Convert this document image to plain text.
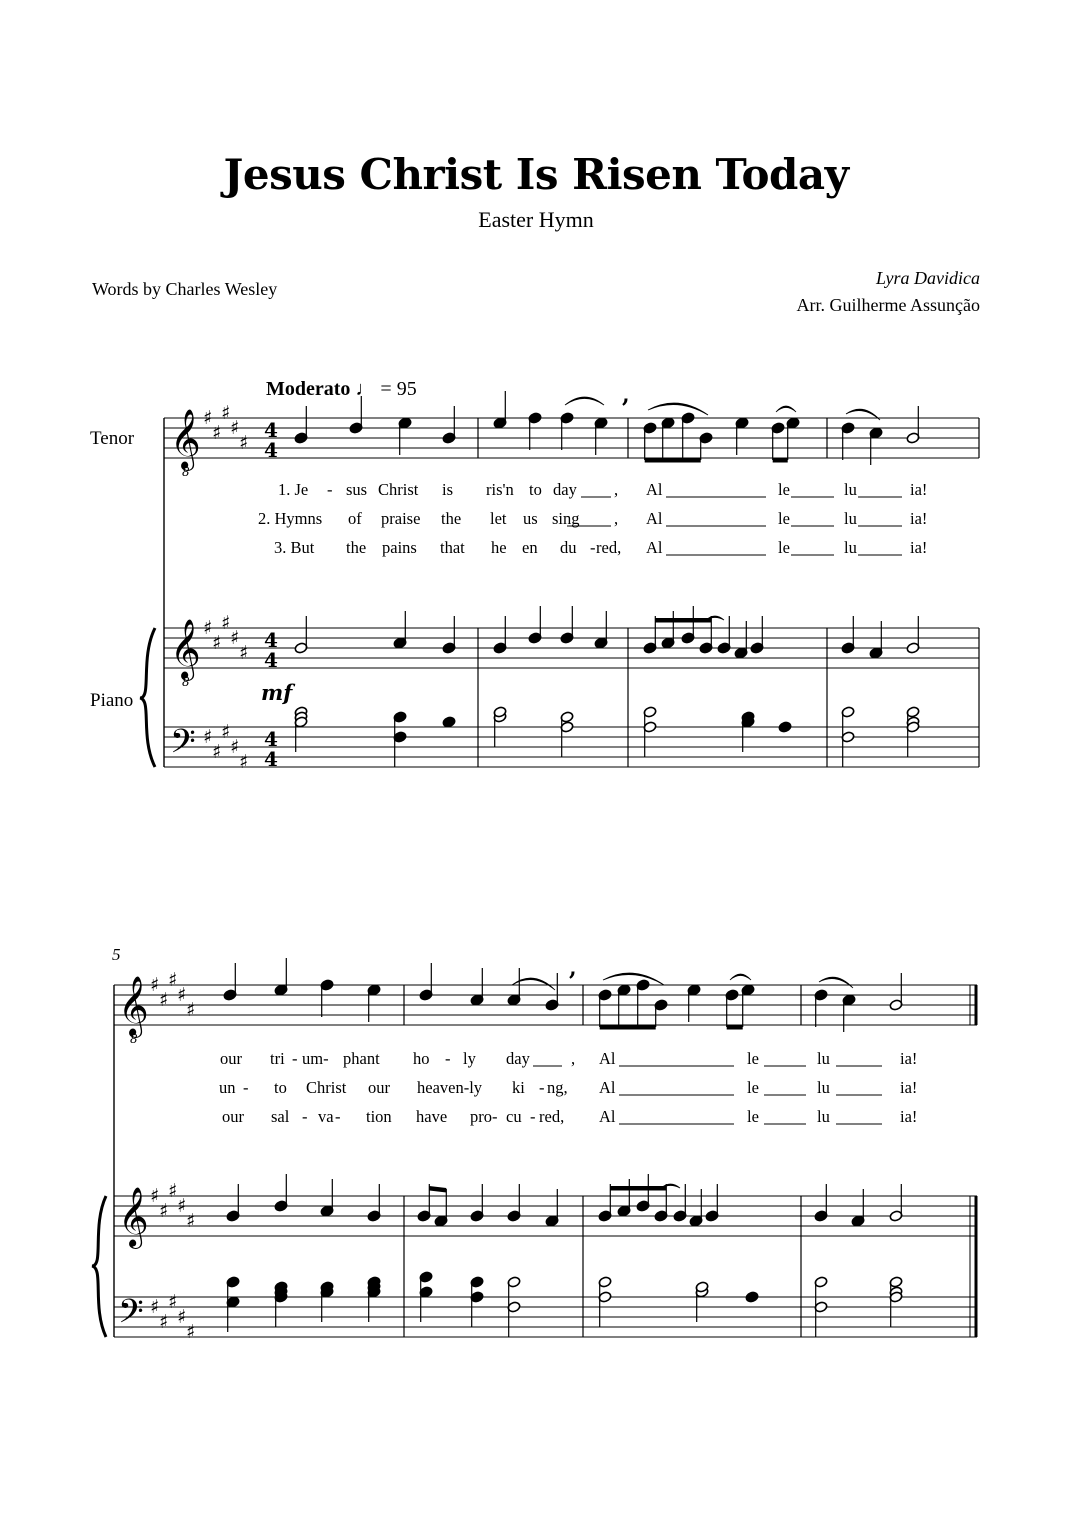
Jesus Christ Is Risen Today
Easter Hymn
Words by Charles Wesley
Lyra Davidica
Arr. Guilherme Assunção
Moderato ♩ = 95
Tenor
Piano
5
mf
1. Je - sus Christ is ris'n to day , Al	le	lu	ia!
2. Hymns of praise the let us sing , Al	le	lu	ia!
3. But the pains that he en du - red, Al	le	lu	ia!
our tri - um- phant ho - ly day , Al	le	lu	ia!
un - to Christ our heaven-ly ki - ng, Al	le	lu	ia!
our sal - va - tion have pro- cu - red, Al	le	lu	ia!
𝄞
8
𝄞
8
𝄢
♯
♯
♯
♯
♯
♯
♯
♯
♯
♯
♯
♯
♯
♯
♯
4
4
4
4
4
4
,
𝄞
8
𝄞
𝄢
♯
♯
♯
♯
♯
♯
♯
♯
♯
♯
♯
♯
♯
♯
♯
,
